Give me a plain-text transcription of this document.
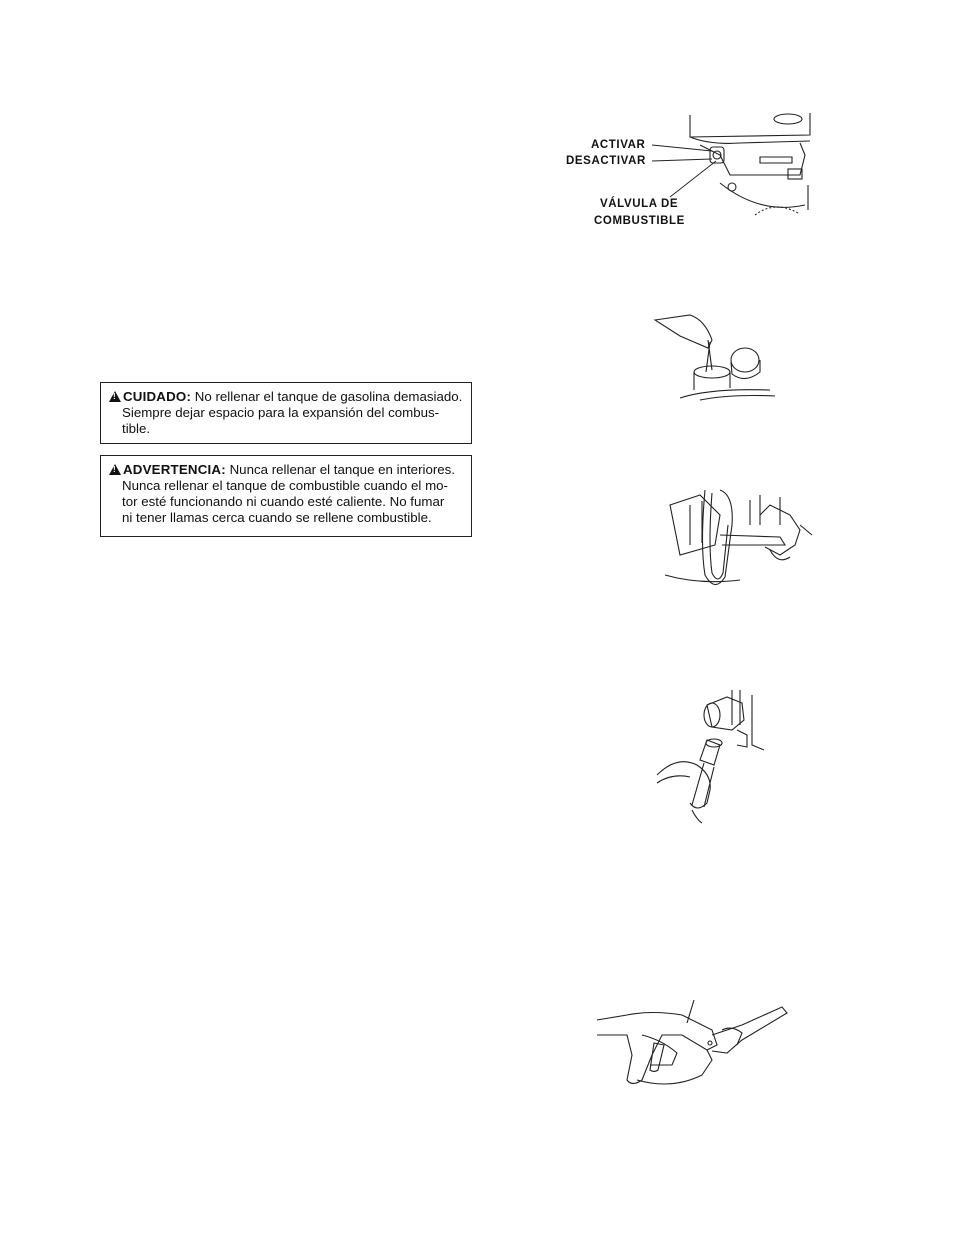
ACTIVAR
DESACTIVAR
VÁLVULA DE
COMBUSTIBLE
!CUIDADO: No rellenar el tanque de gasolina demasiado.
Siempre dejar espacio para la expansión del combus-
tible.
!ADVERTENCIA: Nunca rellenar el tanque en interiores.
Nunca rellenar el tanque de combustible cuando el mo-
tor esté funcionando ni cuando esté caliente. No fumar
ni tener llamas cerca cuando se rellene combustible.
